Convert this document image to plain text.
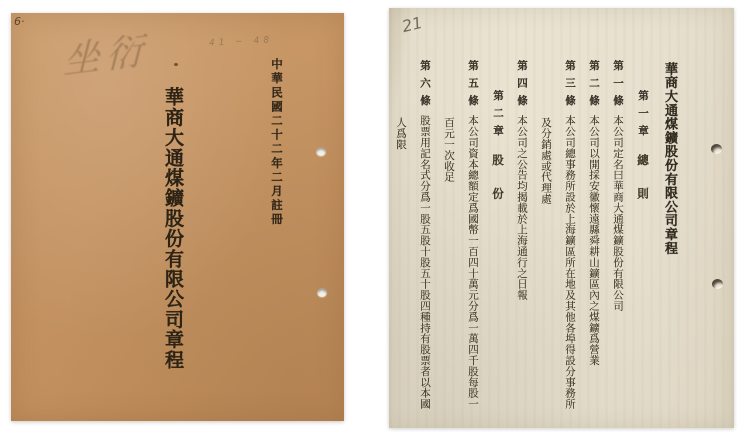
6·
坐衍	41 ~ 48
中華民國二十二年二月註冊
華商大通煤鑛股份有限公司章程
21
華商大通煤鑛股份有限公司章程
第一章總則
第一條本公司定名曰華商大通煤鑛股份有限公司
第二條本公司以開採安徽懷遠縣舜耕山鑛區內之煤鑛爲營業
第三條本公司總事務所設於上海鑛區所在地及其他各埠得設分事務所
及分銷處或代理處
第四條本公司之公告均揭載於上海通行之日報
第二章股份
第五條本公司資本總額定爲國幣一百四十萬元分爲一萬四千股每股一
百元一次收足
第六條股票用記名式分爲一股五股十股五十股四種持有股票者以本國
人爲限
